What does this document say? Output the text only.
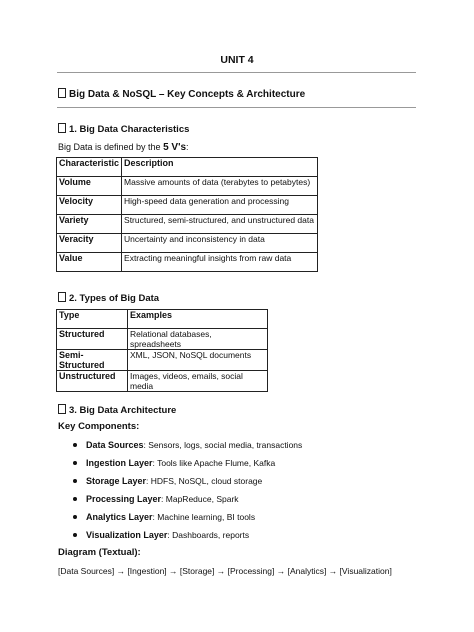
UNIT 4
Big Data & NoSQL – Key Concepts & Architecture
1. Big Data Characteristics
Big Data is defined by the 5 V's:
Characteristic	Description
Volume	Massive amounts of data (terabytes to petabytes)
Velocity	High-speed data generation and processing
Variety	Structured, semi-structured, and unstructured data
Veracity	Uncertainty and inconsistency in data
Value	Extracting meaningful insights from raw data
2. Types of Big Data
Type	Examples
Structured	Relational databases, spreadsheets
Semi-Structured	XML, JSON, NoSQL documents
Unstructured	Images, videos, emails, social media
3. Big Data Architecture
Key Components:
Data Sources: Sensors, logs, social media, transactions
Ingestion Layer: Tools like Apache Flume, Kafka
Storage Layer: HDFS, NoSQL, cloud storage
Processing Layer: MapReduce, Spark
Analytics Layer: Machine learning, BI tools
Visualization Layer: Dashboards, reports
Diagram (Textual):
[Data Sources] → [Ingestion] → [Storage] → [Processing] → [Analytics] → [Visualization]
